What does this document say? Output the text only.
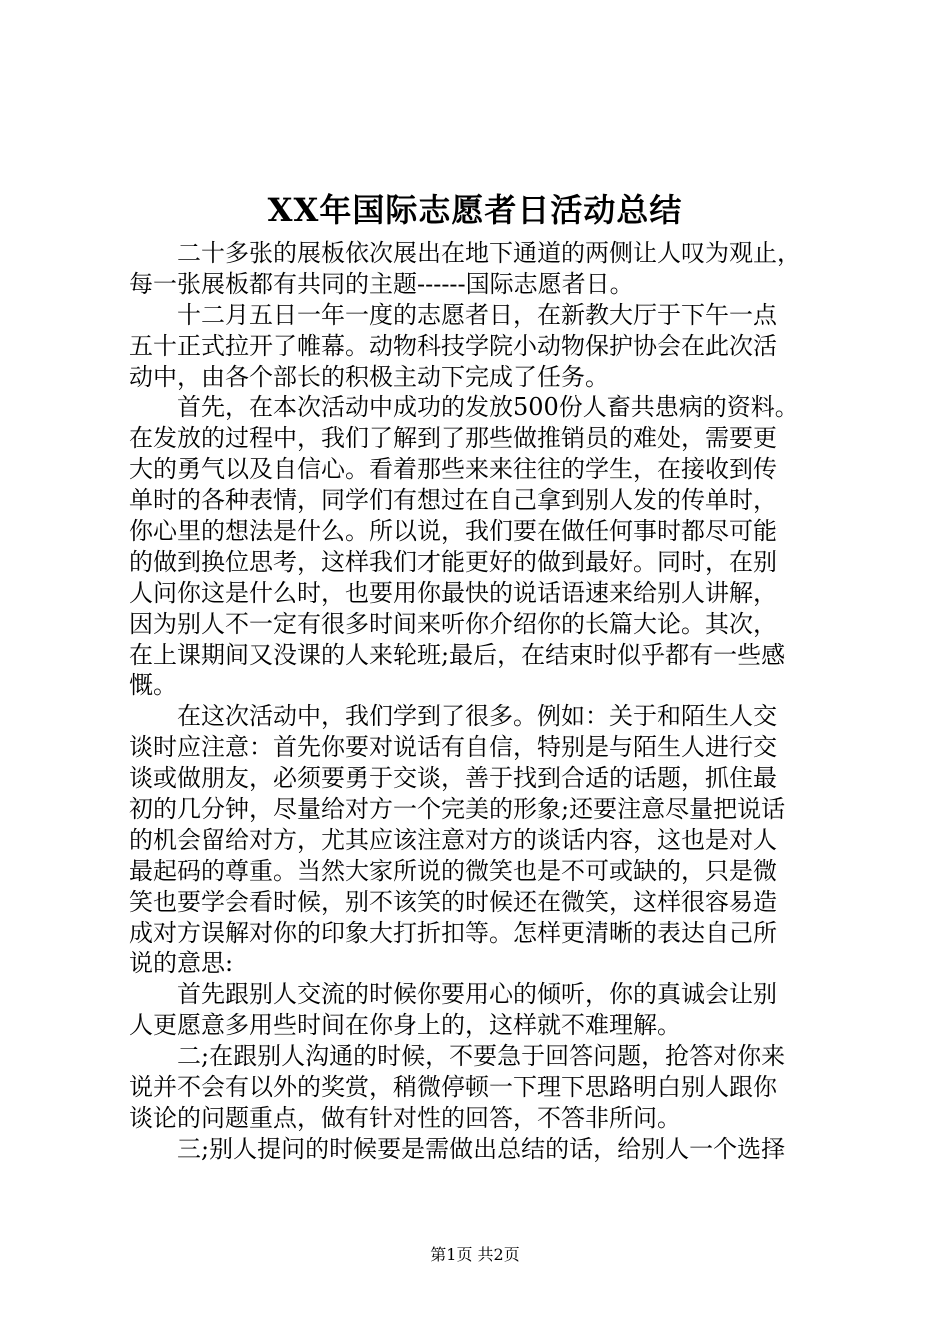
XX年国际志愿者日活动总结
二十多张的展板依次展出在地下通道的两侧让人叹为观止，
每一张展板都有共同的主题------国际志愿者日。
十二月五日一年一度的志愿者日，在新教大厅于下午一点
五十正式拉开了帷幕。动物科技学院小动物保护协会在此次活
动中，由各个部长的积极主动下完成了任务。
首先，在本次活动中成功的发放500份人畜共患病的资料。
在发放的过程中，我们了解到了那些做推销员的难处，需要更
大的勇气以及自信心。看着那些来来往往的学生，在接收到传
单时的各种表情，同学们有想过在自己拿到别人发的传单时，
你心里的想法是什么。所以说，我们要在做任何事时都尽可能
的做到换位思考，这样我们才能更好的做到最好。同时，在别
人问你这是什么时，也要用你最快的说话语速来给别人讲解，
因为别人不一定有很多时间来听你介绍你的长篇大论。其次，
在上课期间又没课的人来轮班;最后，在结束时似乎都有一些感
慨。
在这次活动中，我们学到了很多。例如：关于和陌生人交
谈时应注意：首先你要对说话有自信，特别是与陌生人进行交
谈或做朋友，必须要勇于交谈，善于找到合适的话题，抓住最
初的几分钟，尽量给对方一个完美的形象;还要注意尽量把说话
的机会留给对方，尤其应该注意对方的谈话内容，这也是对人
最起码的尊重。当然大家所说的微笑也是不可或缺的，只是微
笑也要学会看时候，别不该笑的时候还在微笑，这样很容易造
成对方误解对你的印象大打折扣等。怎样更清晰的表达自己所
说的意思:
首先跟别人交流的时候你要用心的倾听，你的真诚会让别
人更愿意多用些时间在你身上的，这样就不难理解。
二;在跟别人沟通的时候，不要急于回答问题，抢答对你来
说并不会有以外的奖赏，稍微停顿一下理下思路明白别人跟你
谈论的问题重点，做有针对性的回答，不答非所问。
三;别人提问的时候要是需做出总结的话，给别人一个选择
第1页 共2页
